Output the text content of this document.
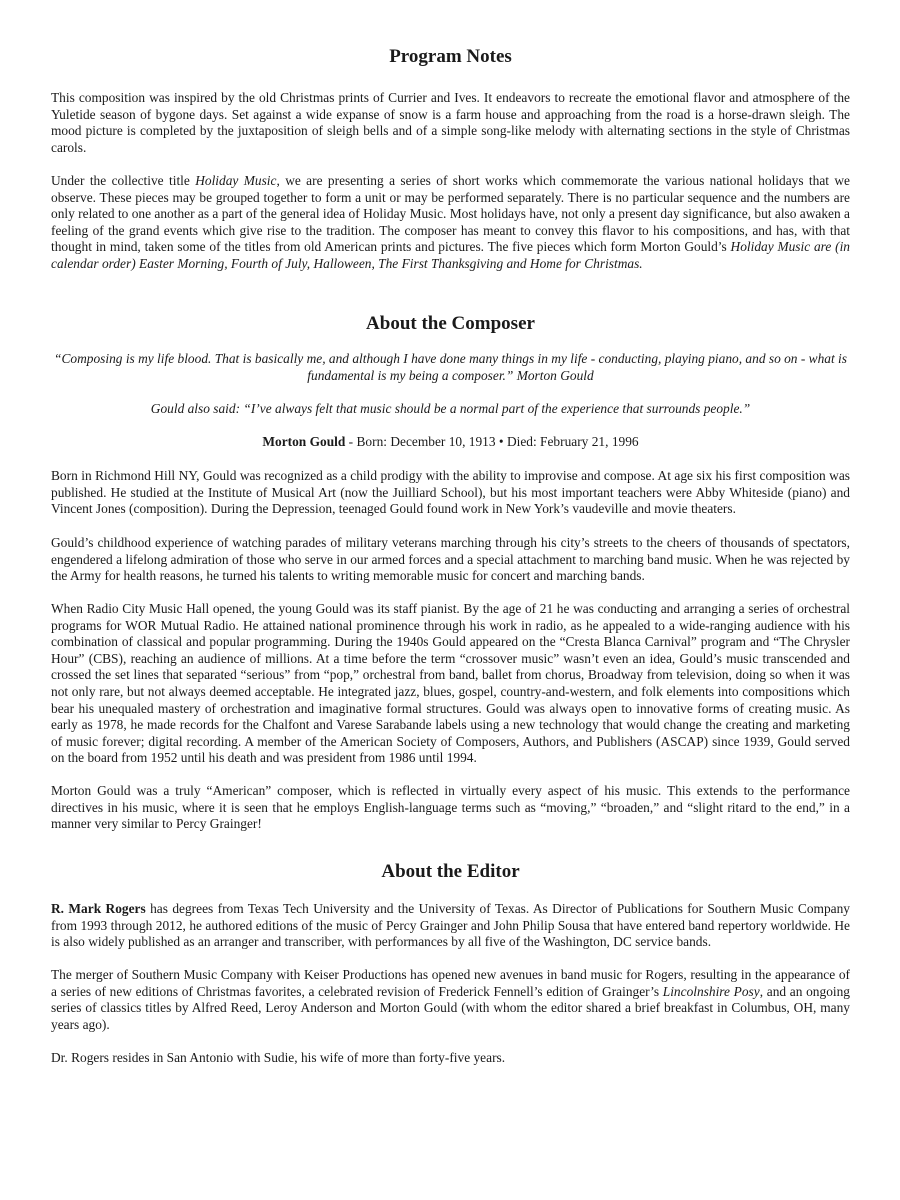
Program Notes

This composition was inspired by the old Christmas prints of Currier and Ives. It endeavors to recreate the emotional flavor and atmosphere of the Yuletide season of bygone days. Set against a wide expanse of snow is a farm house and approaching from the road is a horse-drawn sleigh. The mood picture is completed by the juxtaposition of sleigh bells and of a simple song-like melody with alternating sections in the style of Christmas carols.

Under the collective title Holiday Music, we are presenting a series of short works which commemorate the various national holidays that we observe. These pieces may be grouped together to form a unit or may be performed separately. There is no particular sequence and the numbers are only related to one another as a part of the general idea of Holiday Music. Most holidays have, not only a present day significance, but also awaken a feeling of the grand events which give rise to the tradition. The composer has meant to convey this flavor to his compositions, and has, with that thought in mind, taken some of the titles from old American prints and pictures. The five pieces which form Morton Gould’s Holiday Music are (in calendar order) Easter Morning, Fourth of July, Halloween, The First Thanksgiving and Home for Christmas.

About the Composer

“Composing is my life blood. That is basically me, and although I have done many things in my life - conducting, playing piano, and so on - what is fundamental is my being a composer.” Morton Gould

Gould also said: “I’ve always felt that music should be a normal part of the experience that surrounds people.”

Morton Gould - Born: December 10, 1913 • Died: February 21, 1996

Born in Richmond Hill NY, Gould was recognized as a child prodigy with the ability to improvise and compose. At age six his first composition was published. He studied at the Institute of Musical Art (now the Juilliard School), but his most important teachers were Abby Whiteside (piano) and Vincent Jones (composition). During the Depression, teenaged Gould found work in New York’s vaudeville and movie theaters.

Gould’s childhood experience of watching parades of military veterans marching through his city’s streets to the cheers of thousands of spectators, engendered a lifelong admiration of those who serve in our armed forces and a special attachment to marching band music. When he was rejected by the Army for health reasons, he turned his talents to writing memorable music for concert and marching bands.

When Radio City Music Hall opened, the young Gould was its staff pianist. By the age of 21 he was conducting and arranging a series of orchestral programs for WOR Mutual Radio. He attained national prominence through his work in radio, as he appealed to a wide-ranging audience with his combination of classical and popular programming. During the 1940s Gould appeared on the “Cresta Blanca Carnival” program and “The Chrysler Hour” (CBS), reaching an audience of millions. At a time before the term “crossover music” wasn’t even an idea, Gould’s music transcended and crossed the set lines that separated “serious” from “pop,” orchestral from band, ballet from chorus, Broadway from television, doing so when it was not only rare, but not always deemed acceptable. He integrated jazz, blues, gospel, country-and-western, and folk elements into compositions which bear his unequaled mastery of orchestration and imaginative formal structures. Gould was always open to innovative forms of creating music. As early as 1978, he made records for the Chalfont and Varese Sarabande labels using a new technology that would change the creating and marketing of music forever; digital recording. A member of the American Society of Composers, Authors, and Publishers (ASCAP) since 1939, Gould served on the board from 1952 until his death and was president from 1986 until 1994.

Morton Gould was a truly “American” composer, which is reflected in virtually every aspect of his music. This extends to the performance directives in his music, where it is seen that he employs English-language terms such as “moving,” “broaden,” and “slight ritard to the end,” in a manner very similar to Percy Grainger!

About the Editor

R. Mark Rogers has degrees from Texas Tech University and the University of Texas. As Director of Publications for Southern Music Company from 1993 through 2012, he authored editions of the music of Percy Grainger and John Philip Sousa that have entered band repertory worldwide. He is also widely published as an arranger and transcriber, with performances by all five of the Washington, DC service bands.

The merger of Southern Music Company with Keiser Productions has opened new avenues in band music for Rogers, resulting in the appearance of a series of new editions of Christmas favorites, a celebrated revision of Frederick Fennell’s edition of Grainger’s Lincolnshire Posy, and an ongoing series of classics titles by Alfred Reed, Leroy Anderson and Morton Gould (with whom the editor shared a brief breakfast in Columbus, OH, many years ago).

Dr. Rogers resides in San Antonio with Sudie, his wife of more than forty-five years.
